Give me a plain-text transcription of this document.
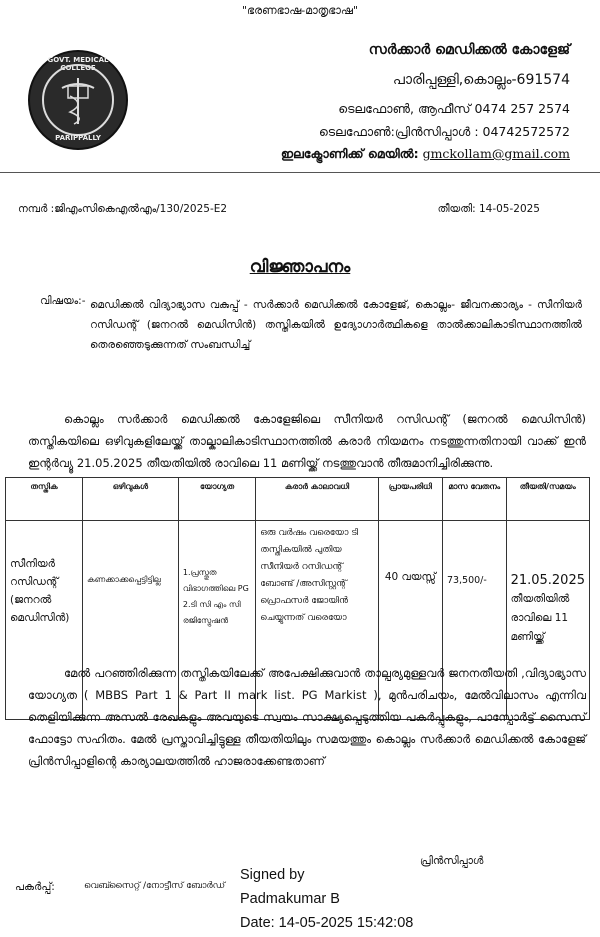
"ഭരണഭാഷ-മാതൃഭാഷ"
GOVT. MEDICAL COLLEGE
PARIPPALLY
സർക്കാർ മെഡിക്കൽ കോളേജ്
പാരിപ്പള്ളി,കൊല്ലം-691574
ടെലഫോൺ, ആഫീസ് 0474 257 2574
ടെലഫോൺ:പ്രിൻസിപ്പാൾ : 04742572572
ഇലക്ട്രോണിക്ക് മെയിൽ: gmckollam@gmail.com
നമ്പർ :ജിഎംസികെഎൽഎം/130/2025-E2	തീയതി: 14-05-2025
വിജ്ഞാപനം
വിഷയം:- മെഡിക്കൽ വിദ്യാഭ്യാസ വകുപ്പ് - സർക്കാർ മെഡിക്കൽ കോളേജ്, കൊല്ലം- ജീവനക്കാര്യം - സീനിയർ റസിഡന്റ് (ജനറൽ മെഡിസിൻ) തസ്തികയിൽ ഉദ്യോഗാർത്ഥികളെ താൽക്കാലികാടിസ്ഥാനത്തിൽ തെരഞ്ഞെടുക്കുന്നത് സംബന്ധിച്ച്
കൊല്ലം സർക്കാർ മെഡിക്കൽ കോളേജിലെ സീനിയർ റസിഡന്റ് (ജനറൽ മെഡിസിൻ) തസ്തികയിലെ ഒഴിവുകളിലേയ്ക്ക് താല്കാലികാടിസ്ഥാനത്തിൽ കരാർ നിയമനം നടത്തുന്നതിനായി വാക്ക് ഇൻ ഇന്റർവ്യൂ 21.05.2025 തീയതിയിൽ രാവിലെ 11 മണിയ്ക്ക് നടത്തുവാൻ തീരുമാനിച്ചിരിക്കുന്നു.
തസ്തിക	ഒഴിവുകൾ	യോഗ്യത	കരാർ കാലാവധി	പ്രായപരിധി	മാസ വേതനം	തീയതി/സമയം
സീനിയർ റസിഡന്റ് (ജനറൽ മെഡിസിൻ)	കണക്കാക്കപ്പെട്ടിട്ടില്ല	1.പ്രസ്തുത വിഭാഗത്തിലെ PG 2.ടി സി എം സി രജിസ്ട്രേഷൻ	ഒരു വർഷം വരെയോ ടി തസ്തികയിൽ പുതിയ സീനിയർ റസിഡന്റ് ബോണ്ട് /അസിസ്റ്റന്റ് പ്രൊഫസർ ജോയിൻ ചെയ്യുന്നത് വരെയോ	40 വയസ്സ്	73,500/-	21.05.2025
തീയതിയിൽ രാവിലെ 11 മണിയ്ക്ക്
മേൽ പറഞ്ഞിരിക്കുന്ന തസ്തികയിലേക്ക് അപേക്ഷിക്കുവാൻ താല്പര്യമുള്ളവർ ജനനതീയതി ,വിദ്യാഭ്യാസ യോഗ്യത ( MBBS Part 1 & Part II mark list. PG Markist ), മുൻപരിചയം, മേൽവിലാസം എന്നിവ തെളിയിക്കുന്ന അസൽ രേഖകളും അവയുടെ സ്വയം സാക്ഷ്യപ്പെടുത്തിയ പകർപ്പുകളും, പാസ്പോർട്ട് സൈസ് ഫോട്ടോ സഹിതം. മേൽ പ്രസ്താവിച്ചിട്ടുള്ള തീയതിയിലും സമയത്തും കൊല്ലം സർക്കാർ മെഡിക്കൽ കോളേജ് പ്രിൻസിപ്പാളിന്റെ കാര്യാലയത്തിൽ ഹാജരാക്കേണ്ടതാണ്
പ്രിൻസിപ്പാൾ
പകർപ്പ്:	വെബ്സൈറ്റ് /നോട്ടീസ് ബോർഡ്
Signed by
Padmakumar B
Date: 14-05-2025 15:42:08
